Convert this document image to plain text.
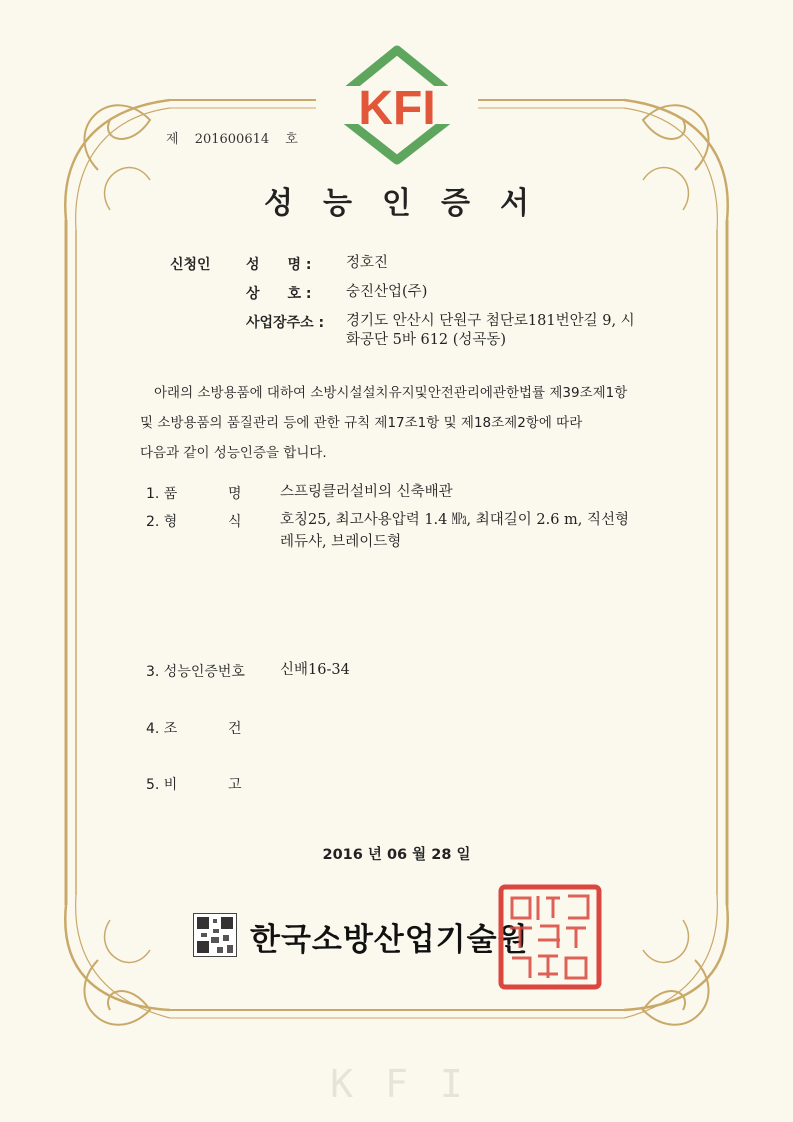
KFI
제 201600614 호
성능인증서
신청인	성　　명 : 정호진
상　　호 : 숭진산업(주)
사업장주소 : 경기도 안산시 단원구 첨단로181번안길 9, 시
화공단 5바 612 (성곡동)
아래의 소방용품에 대하여 소방시설설치유지및안전관리에관한법률 제39조제1항
및 소방용품의 품질관리 등에 관한 규칙 제17조1항 및 제18조제2항에 따라
다음과 같이 성능인증을 합니다.
1. 품	명	스프링클러설비의 신축배관
2. 형	식	호칭25, 최고사용압력 1.4 ㎫, 최대길이 2.6 m, 직선형
레듀샤, 브레이드형
3. 성능인증번호 신배16-34
4. 조	건
5. 비	고
2016 년 06 월 28 일
한국소방산업기술원
KFI
